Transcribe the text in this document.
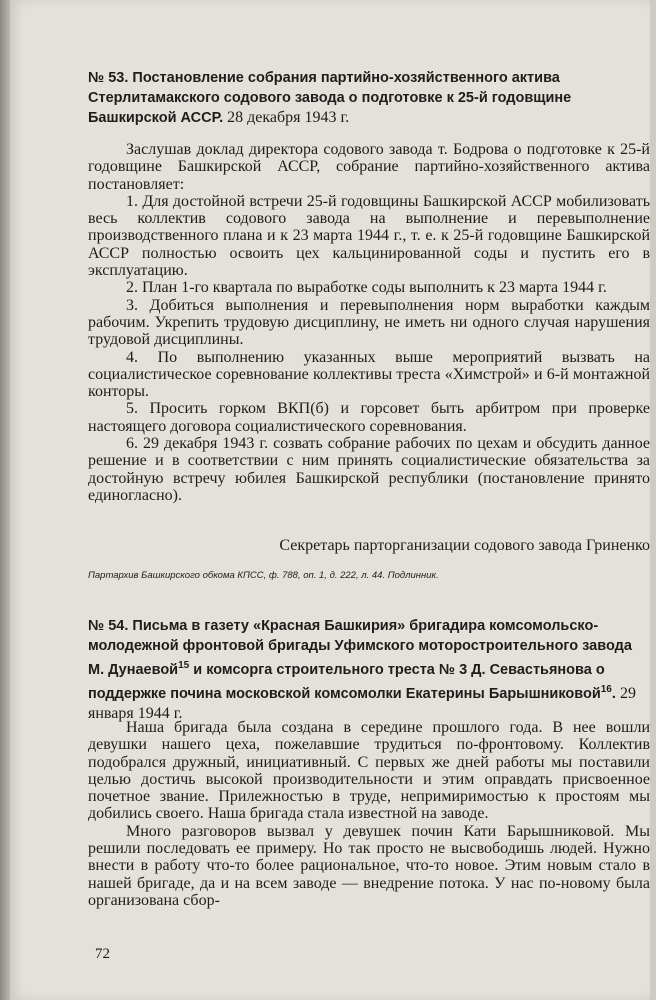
№ 53. Постановление собрания партийно-хозяйственного актива Стерлитамакского содового завода о подготовке к 25-й годовщине Башкирской АССР. 28 декабря 1943 г.

Заслушав доклад директора содового завода т. Бодрова о подготовке к 25-й годовщине Башкирской АССР, собрание партийно-хозяйственного актива постановляет:

1. Для достойной встречи 25-й годовщины Башкирской АССР мобилизовать весь коллектив содового завода на выполнение и перевыполнение производственного плана и к 23 марта 1944 г., т. е. к 25-й годовщине Башкирской АССР полностью освоить цех кальцинированной соды и пустить его в эксплуатацию.

2. План 1-го квартала по выработке соды выполнить к 23 марта 1944 г.

3. Добиться выполнения и перевыполнения норм выработки каждым рабочим. Укрепить трудовую дисциплину, не иметь ни одного случая нарушения трудовой дисциплины.

4. По выполнению указанных выше мероприятий вызвать на социалистическое соревнование коллективы треста «Химстрой» и 6-й монтажной конторы.

5. Просить горком ВКП(б) и горсовет быть арбитром при проверке настоящего договора социалистического соревнования.

6. 29 декабря 1943 г. созвать собрание рабочих по цехам и обсудить данное решение и в соответствии с ним принять социалистические обязательства за достойную встречу юбилея Башкирской республики (постановление принято единогласно).

Секретарь парторганизации содового завода Гриненко

Партархив Башкирского обкома КПСС, ф. 788, оп. 1, д. 222, л. 44. Подлинник.

№ 54. Письма в газету «Красная Башкирия» бригадира комсомольско-молодежной фронтовой бригады Уфимского моторостроительного завода М. Дунаевой$^{15}$ и комсорга строительного треста № 3 Д. Севастьянова о поддержке почина московской комсомолки Екатерины Барышниковой$^{16}$. 29 января 1944 г.

Наша бригада была создана в середине прошлого года. В нее вошли девушки нашего цеха, пожелавшие трудиться по-фронтовому. Коллектив подобрался дружный, инициативный. С первых же дней работы мы поставили целью достичь высокой производительности и этим оправдать присвоенное почетное звание. Прилежностью в труде, непримиримостью к простоям мы добились своего. Наша бригада стала известной на заводе.

Много разговоров вызвал у девушек почин Кати Барышниковой. Мы решили последовать ее примеру. Но так просто не высвободишь людей. Нужно внести в работу что-то более рациональное, что-то новое. Этим новым стало в нашей бригаде, да и на всем заводе — внедрение потока. У нас по-новому была организована сбор-

72
